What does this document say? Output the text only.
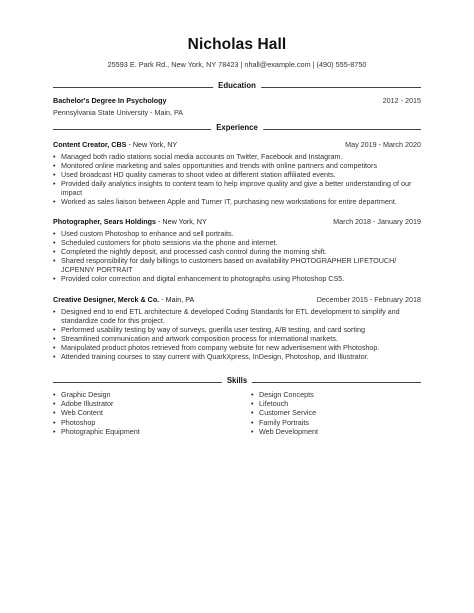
Nicholas Hall
25593 E. Park Rd., New York, NY 78423 | nhall@example.com | (490) 555-8750
Education
Bachelor's Degree In Psychology	2012 - 2015
Pennsylvania State University - Main, PA
Experience
Content Creator, CBS - New York, NY	May 2019 - March 2020
• Managed both radio stations social media accounts on Twitter, Facebook and Instagram.
• Monitored online marketing and sales opportunities and trends with online partners and competitors
• Used broadcast HD quality cameras to shoot video at different station affiliated events.
• Provided daily analytics insights to content team to help improve quality and give a better understanding of our impact
• Worked as sales liaison between Apple and Turner IT, purchasing new workstations for entire department.
Photographer, Sears Holdings - New York, NY	March 2018 - January 2019
• Used custom Photoshop to enhance and sell portraits.
• Scheduled customers for photo sessions via the phone and internet.
• Completed the nightly deposit, and processed cash control during the morning shift.
• Shared responsibility for daily billings to customers based on availability PHOTOGRAPHER LIFETOUCH/ JCPENNY PORTRAIT
• Provided color correction and digital enhancement to photographs using Photoshop CS5.
Creative Designer, Merck & Co. - Main, PA	December 2015 - February 2018
• Designed end to end ETL architecture & developed Coding Standards for ETL development to simplify and standardize code for this project.
• Performed usability testing by way of surveys, guerilla user testing, A/B testing, and card sorting
• Streamlined communication and artwork composition process for international markets.
• Manipulated product photos retrieved from company website for new advertisement with Photoshop.
• Attended training courses to stay current with QuarkXpress, InDesign, Photoshop, and Illustrator.
Skills
• Graphic Design
• Adobe Illustrator
• Web Content
• Photoshop
• Photographic Equipment
• Design Concepts
• Lifetouch
• Customer Service
• Family Portraits
• Web Development
